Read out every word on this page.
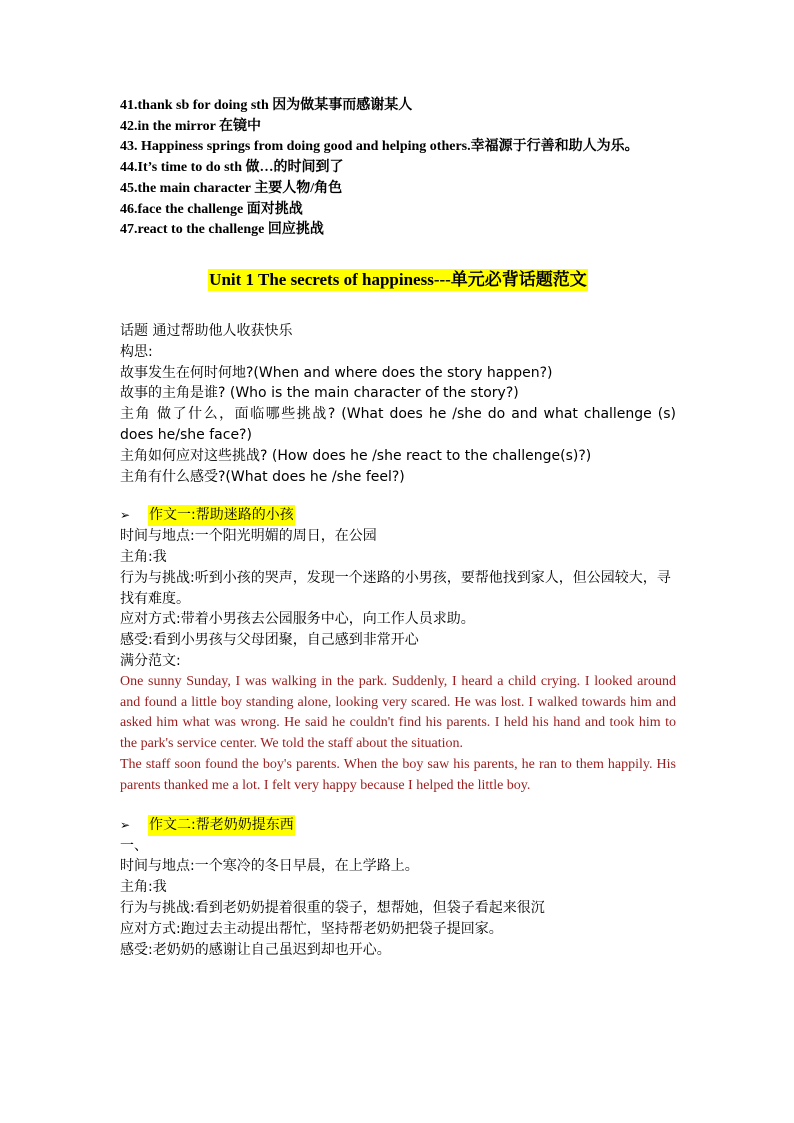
41.thank sb for doing sth 因为做某事而感谢某人
42.in the mirror 在镜中
43. Happiness springs from doing good and helping others.幸福源于行善和助人为乐。
44.It’s time to do sth 做…的时间到了
45.the main character 主要人物/角色
46.face the challenge 面对挑战
47.react to the challenge 回应挑战
Unit 1 The secrets of happiness---单元必背话题范文
话题 通过帮助他人收获快乐
构思:
故事发生在何时何地?(When and where does the story happen?)
故事的主角是谁? (Who is the main character of the story?)
主角 做了什么，面临哪些挑战? (What does he /she do and what challenge (s) does he/she face?)
主角如何应对这些挑战? (How does he /she react to the challenge(s)?)
主角有什么感受?(What does he /she feel?)
➢ 作文一:帮助迷路的小孩
时间与地点:一个阳光明媚的周日，在公园
主角:我
行为与挑战:听到小孩的哭声，发现一个迷路的小男孩，要帮他找到家人，但公园较大，寻找有难度。
应对方式:带着小男孩去公园服务中心，向工作人员求助。
感受:看到小男孩与父母团聚，自己感到非常开心
满分范文:

One sunny Sunday, I was walking in the park. Suddenly, I heard a child crying. I looked around and found a little boy standing alone, looking very scared. He was lost. I walked towards him and asked him what was wrong. He said he couldn't find his parents. I held his hand and took him to the park's service center. We told the staff about the situation.

The staff soon found the boy's parents. When the boy saw his parents, he ran to them happily. His parents thanked me a lot. I felt very happy because I helped the little boy.

➢ 作文二:帮老奶奶提东西
一、
时间与地点:一个寒冷的冬日早晨，在上学路上。
主角:我
行为与挑战:看到老奶奶提着很重的袋子，想帮她，但袋子看起来很沉
应对方式:跑过去主动提出帮忙，坚持帮老奶奶把袋子提回家。
感受:老奶奶的感谢让自己虽迟到却也开心。
